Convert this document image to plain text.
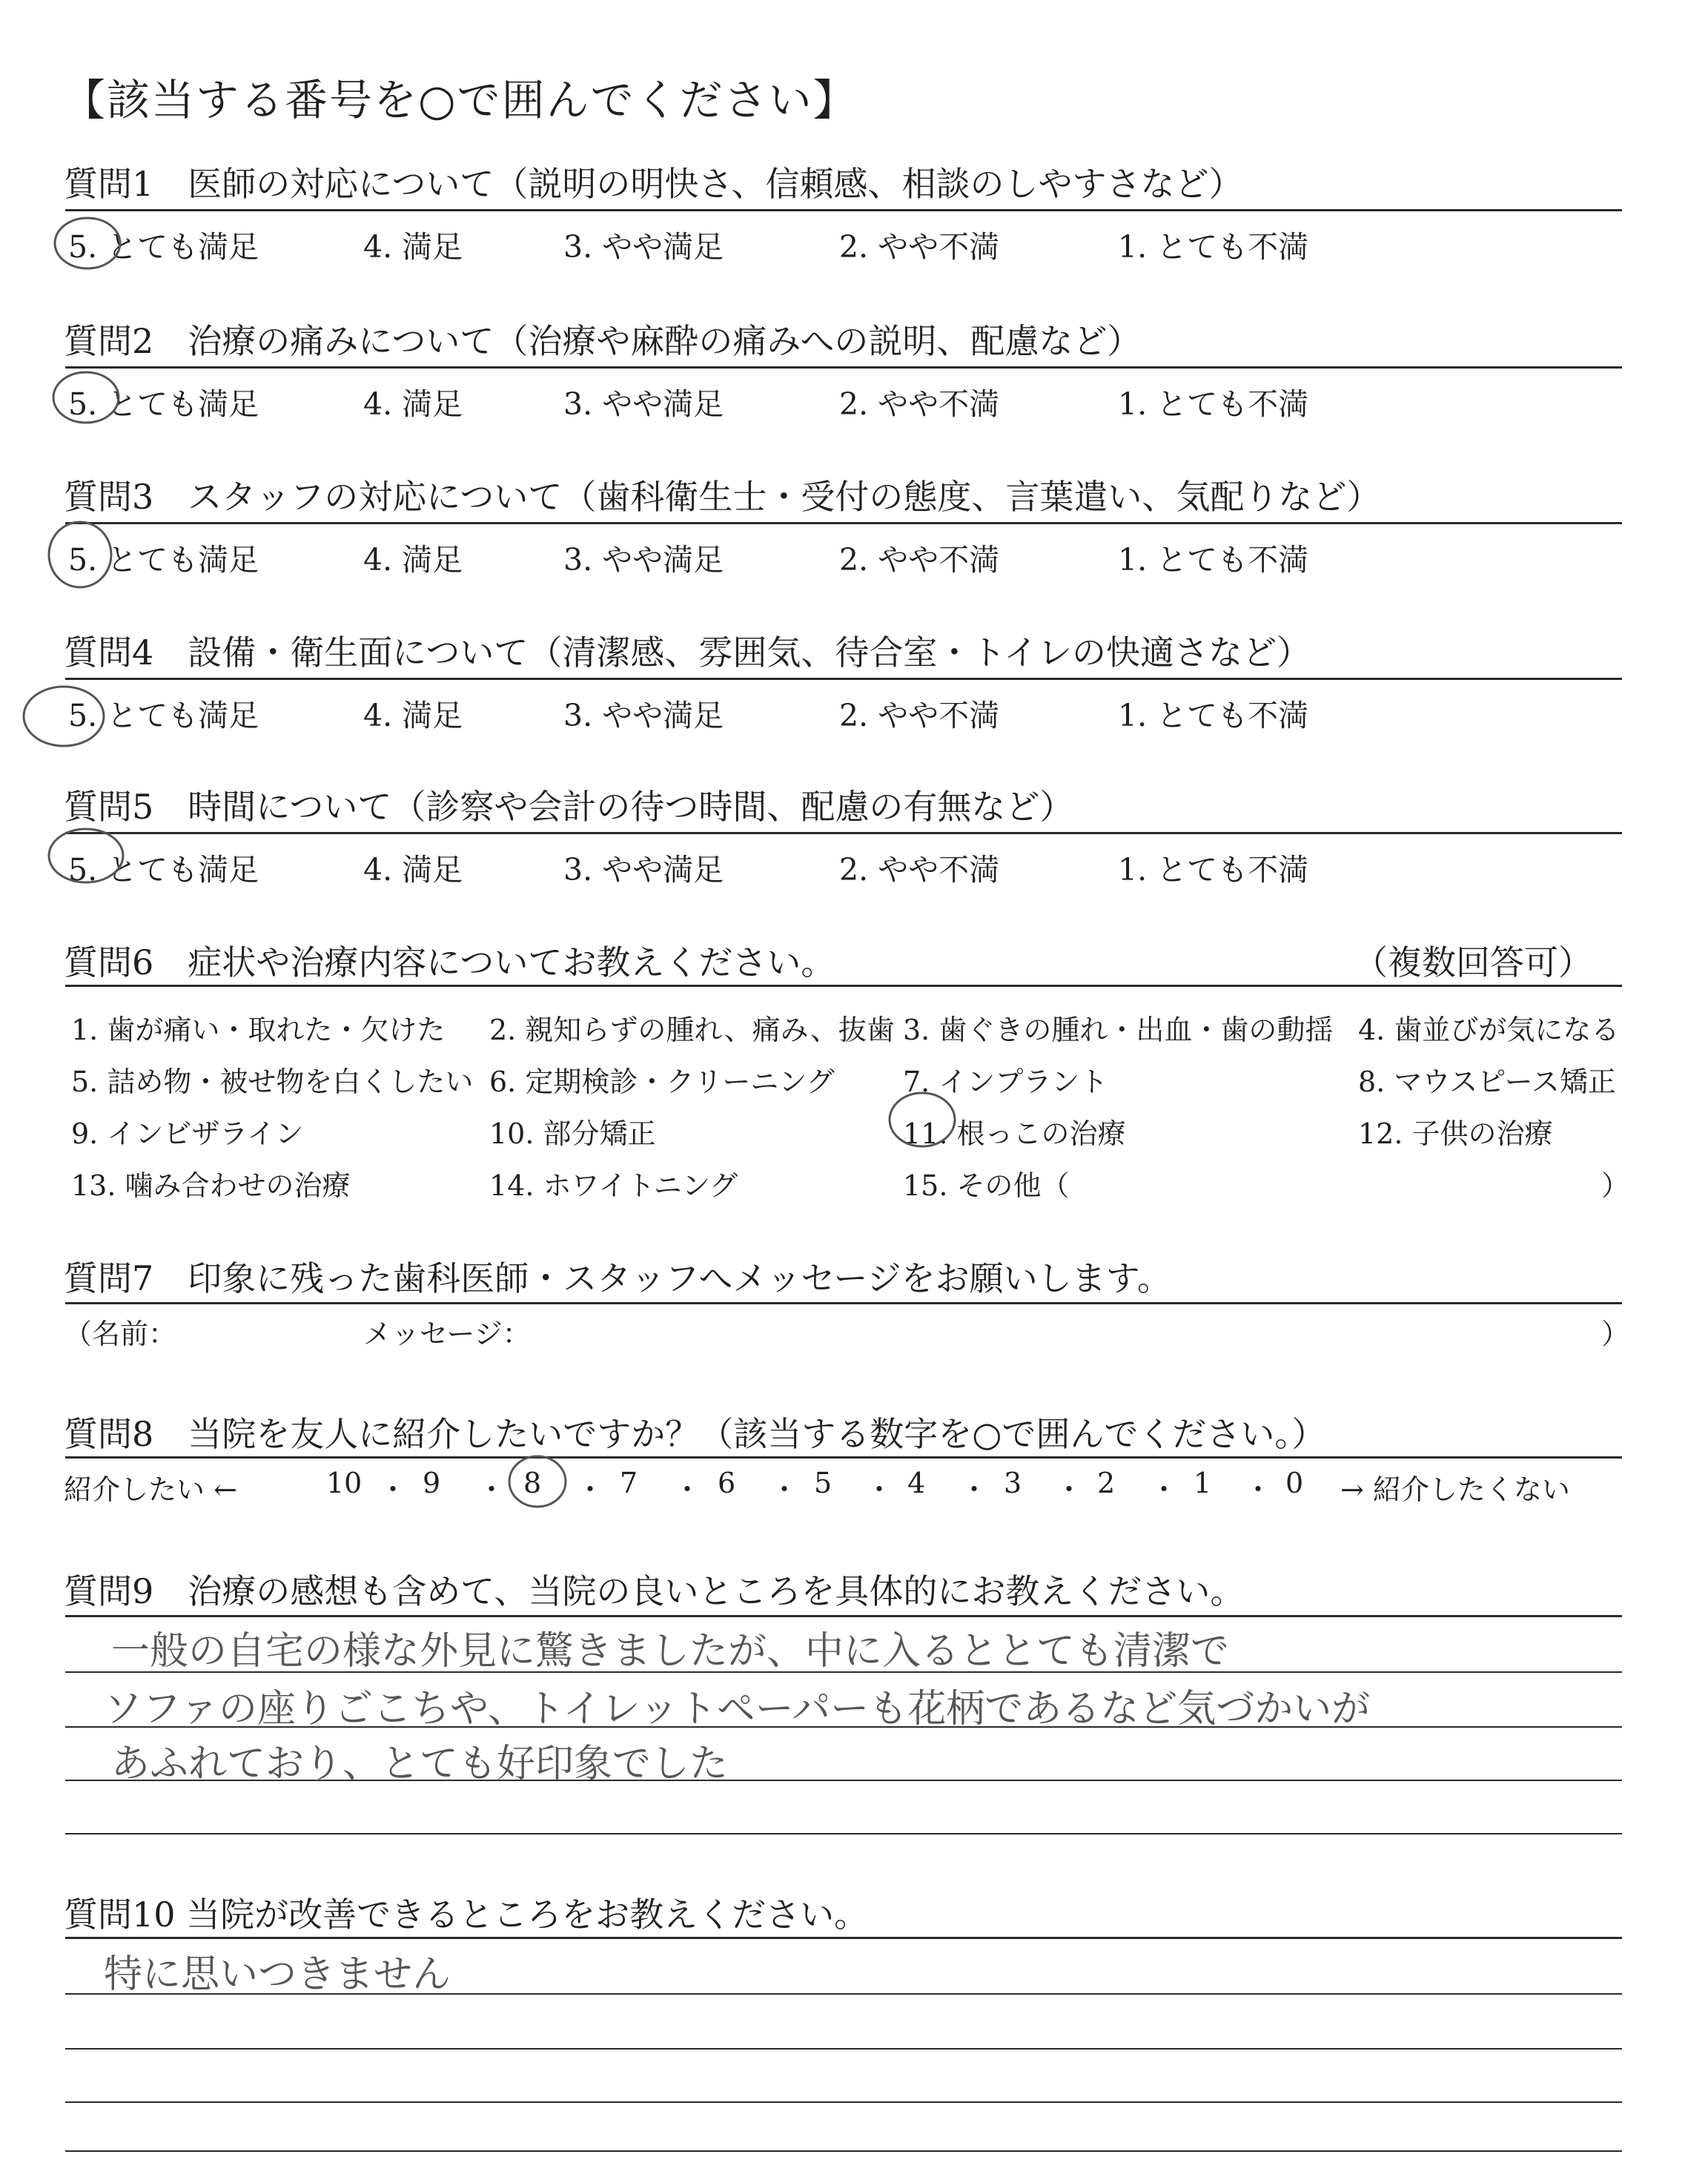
【該当する番号を○で囲んでください】
質問1　医師の対応について（説明の明快さ、信頼感、相談のしやすさなど）
5. とても満足	4. 満足	3. やや満足	2. やや不満	1. とても不満
質問2　治療の痛みについて（治療や麻酔の痛みへの説明、配慮など）
5. とても満足	4. 満足	3. やや満足	2. やや不満	1. とても不満
質問3　スタッフの対応について（歯科衛生士・受付の態度、言葉遣い、気配りなど）
5. とても満足	4. 満足	3. やや満足	2. やや不満	1. とても不満
質問4　設備・衛生面について（清潔感、雰囲気、待合室・トイレの快適さなど）
5. とても満足	4. 満足	3. やや満足	2. やや不満	1. とても不満
質問5　時間について（診察や会計の待つ時間、配慮の有無など）
5. とても満足	4. 満足	3. やや満足	2. やや不満	1. とても不満
質問6　症状や治療内容についてお教えください。	（複数回答可）
1. 歯が痛い・取れた・欠けた 2. 親知らずの腫れ、痛み、抜歯 3. 歯ぐきの腫れ・出血・歯の動揺 4. 歯並びが気になる
5. 詰め物・被せ物を白くしたい 6. 定期検診・クリーニング 7. インプラント	8. マウスピース矯正
9. インビザライン	10. 部分矯正	11. 根っこの治療	12. 子供の治療
13. 噛み合わせの治療	14. ホワイトニング	15. その他（	）
質問7　印象に残った歯科医師・スタッフへメッセージをお願いします。
（名前：	メッセージ：	）
質問8　当院を友人に紹介したいですか？（該当する数字を○で囲んでください。）
紹介したい ←	10 ・ 9 ・ 8 ・ 7 ・ 6 ・ 5 ・ 4 ・ 3 ・ 2 ・ 1 ・ 0 → 紹介したくない
質問9　治療の感想も含めて、当院の良いところを具体的にお教えください。
一般の自宅の様な外見に驚きましたが、中に入るととても清潔で
ソファの座りごこちや、トイレットペーパーも花柄であるなど気づかいが
あふれており、とても好印象でした
質問10 当院が改善できるところをお教えください。
特に思いつきません
